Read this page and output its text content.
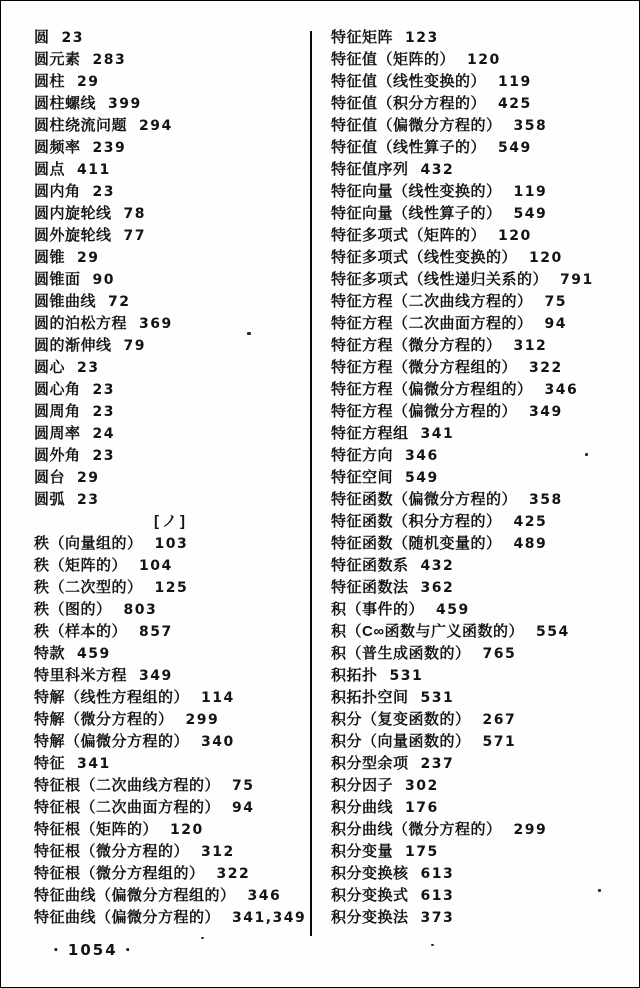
圆 23
圆元素 283
圆柱 29
圆柱螺线 399
圆柱绕流问题 294
圆频率 239
圆点 411
圆内角 23
圆内旋轮线 78
圆外旋轮线 77
圆锥 29
圆锥面 90
圆锥曲线 72
圆的泊松方程 369
圆的渐伸线 79
圆心 23
圆心角 23
圆周角 23
圆周率 24
圆外角 23
圆台 29
圆弧 23
[ノ]
秩（向量组的） 103
秩（矩阵的） 104
秩（二次型的） 125
秩（图的） 803
秩（样本的） 857
特款 459
特里科米方程 349
特解（线性方程组的） 114
特解（微分方程的） 299
特解（偏微分方程的） 340
特征 341
特征根（二次曲线方程的） 75
特征根（二次曲面方程的） 94
特征根（矩阵的） 120
特征根（微分方程的） 312
特征根（微分方程组的） 322
特征曲线（偏微分方程组的） 346
特征曲线（偏微分方程的） 341,349
特征矩阵 123
特征值（矩阵的） 120
特征值（线性变换的） 119
特征值（积分方程的） 425
特征值（偏微分方程的） 358
特征值（线性算子的） 549
特征值序列 432
特征向量（线性变换的） 119
特征向量（线性算子的） 549
特征多项式（矩阵的） 120
特征多项式（线性变换的） 120
特征多项式（线性递归关系的） 791
特征方程（二次曲线方程的） 75
特征方程（二次曲面方程的） 94
特征方程（微分方程的） 312
特征方程（微分方程组的） 322
特征方程（偏微分方程组的） 346
特征方程（偏微分方程的） 349
特征方程组 341
特征方向 346
特征空间 549
特征函数（偏微分方程的） 358
特征函数（积分方程的） 425
特征函数（随机变量的） 489
特征函数系 432
特征函数法 362
积（事件的） 459
积（C∞函数与广义函数的） 554
积（普生成函数的） 765
积拓扑 531
积拓扑空间 531
积分（复变函数的） 267
积分（向量函数的） 571
积分型余项 237
积分因子 302
积分曲线 176
积分曲线（微分方程的） 299
积分变量 175
积分变换核 613
积分变换式 613
积分变换法 373
· 1054 ·
